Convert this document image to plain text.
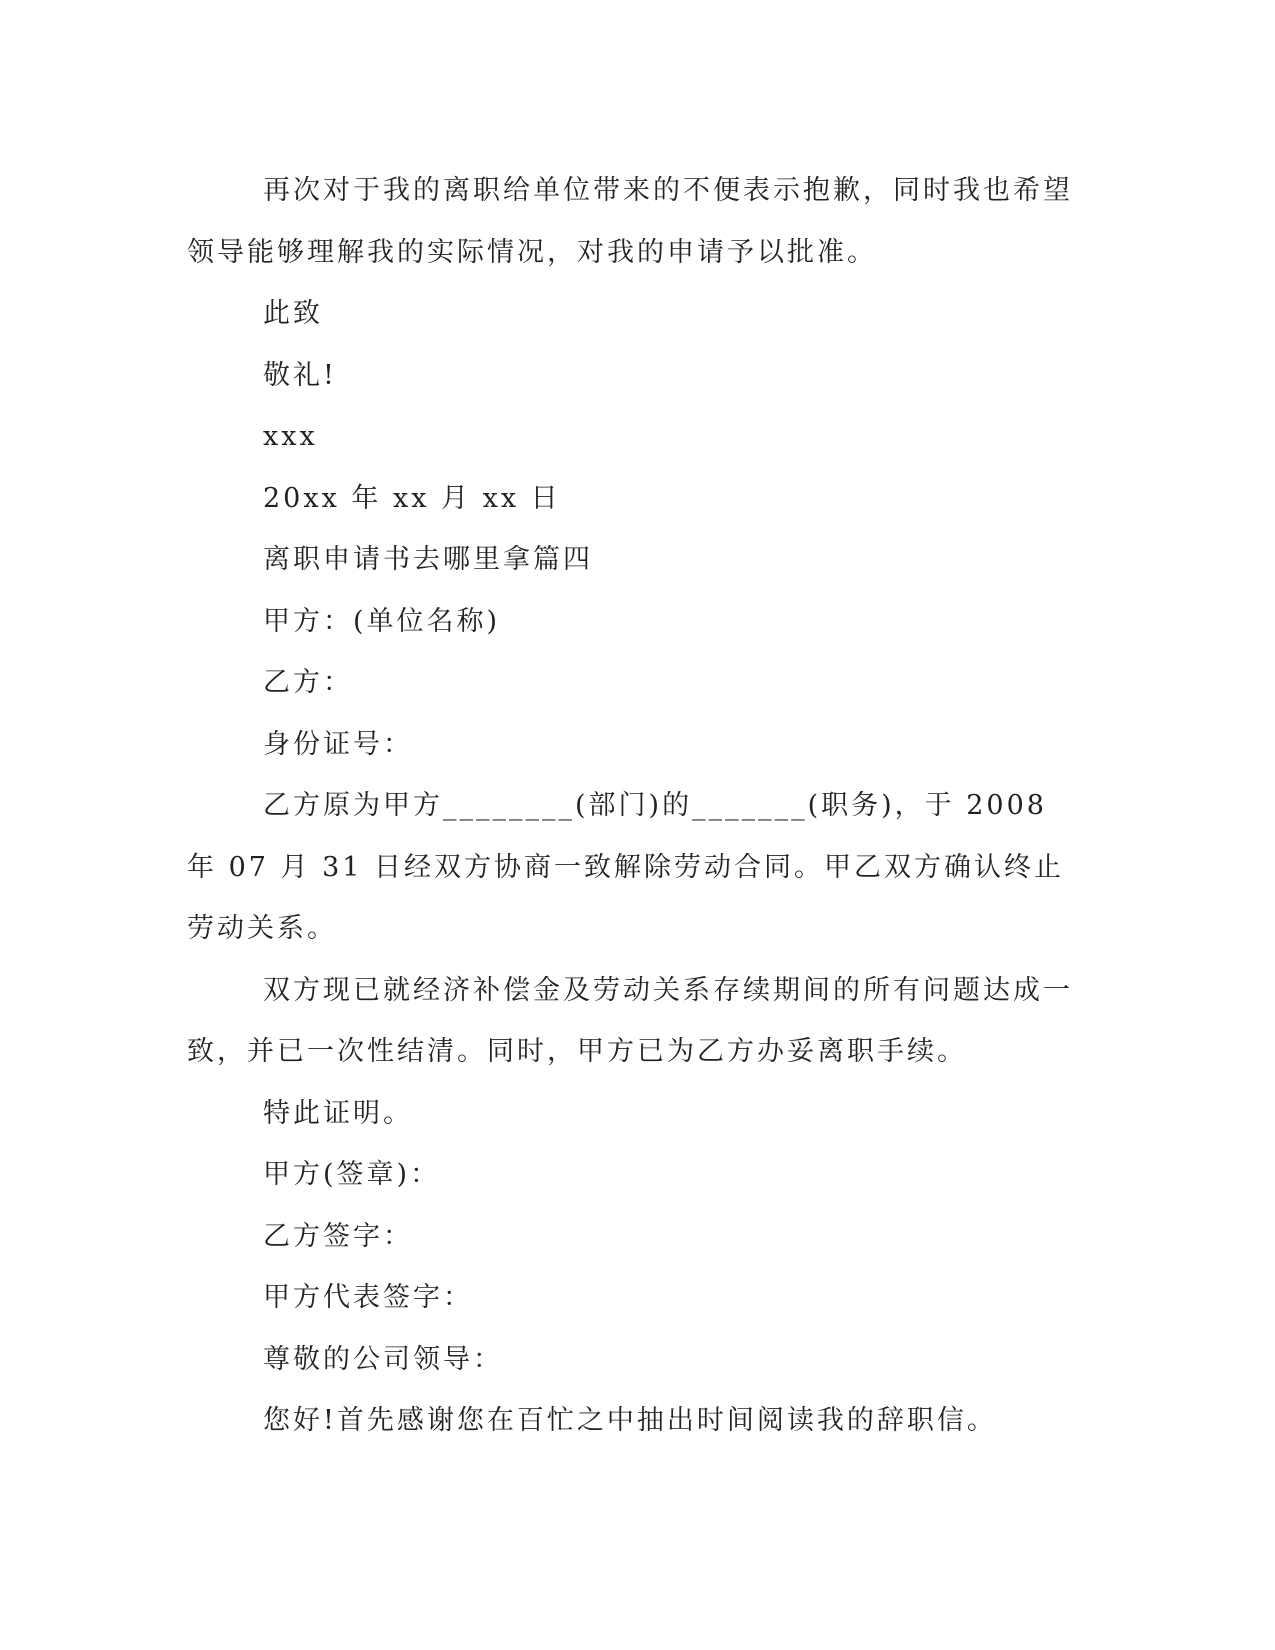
再次对于我的离职给单位带来的不便表示抱歉，同时我也希望领导能够理解我的实际情况，对我的申请予以批准。

此致

敬礼!

xxx

20xx 年 xx 月 xx 日

离职申请书去哪里拿篇四

甲方：(单位名称)

乙方：

身份证号：

乙方原为甲方________(部门)的_______(职务)，于 2008 年 07 月 31 日经双方协商一致解除劳动合同。甲乙双方确认终止劳动关系。

双方现已就经济补偿金及劳动关系存续期间的所有问题达成一致，并已一次性结清。同时，甲方已为乙方办妥离职手续。

特此证明。

甲方(签章)：

乙方签字：

甲方代表签字：

尊敬的公司领导：

您好!首先感谢您在百忙之中抽出时间阅读我的辞职信。
